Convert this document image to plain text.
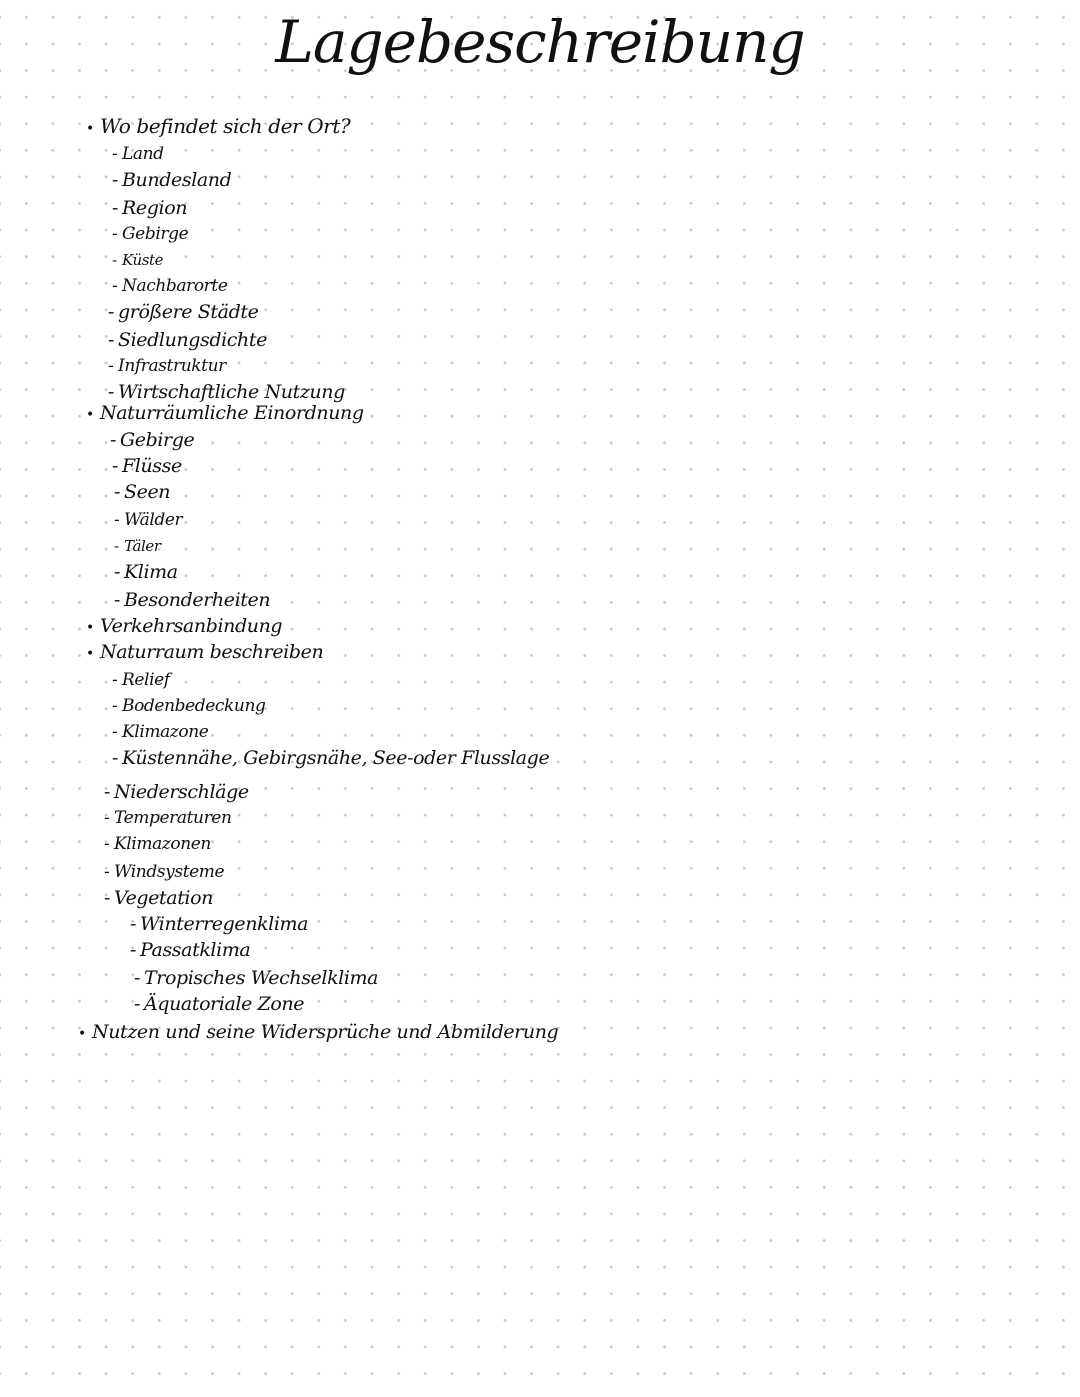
Lagebeschreibung
• Wo befindet sich der Ort?
- Land
- Bundesland
- Region
- Gebirge
- Küste
- Nachbarorte
- größere Städte
- Siedlungsdichte
- Infrastruktur
- Wirtschaftliche Nutzung
• Naturräumliche Einordnung
- Gebirge
- Flüsse
- Seen
- Wälder
- Täler
- Klima
- Besonderheiten
• Verkehrsanbindung
• Naturraum beschreiben
- Relief
- Bodenbedeckung
- Klimazone
- Küstennähe, Gebirgsnähe, See-oder Flusslage
- Niederschläge
- Temperaturen
- Klimazonen
- Windsysteme
- Vegetation
- Winterregenklima
- Passatklima
- Tropisches Wechselklima
- Äquatoriale Zone
• Nutzen und seine Widersprüche und Abmilderung
